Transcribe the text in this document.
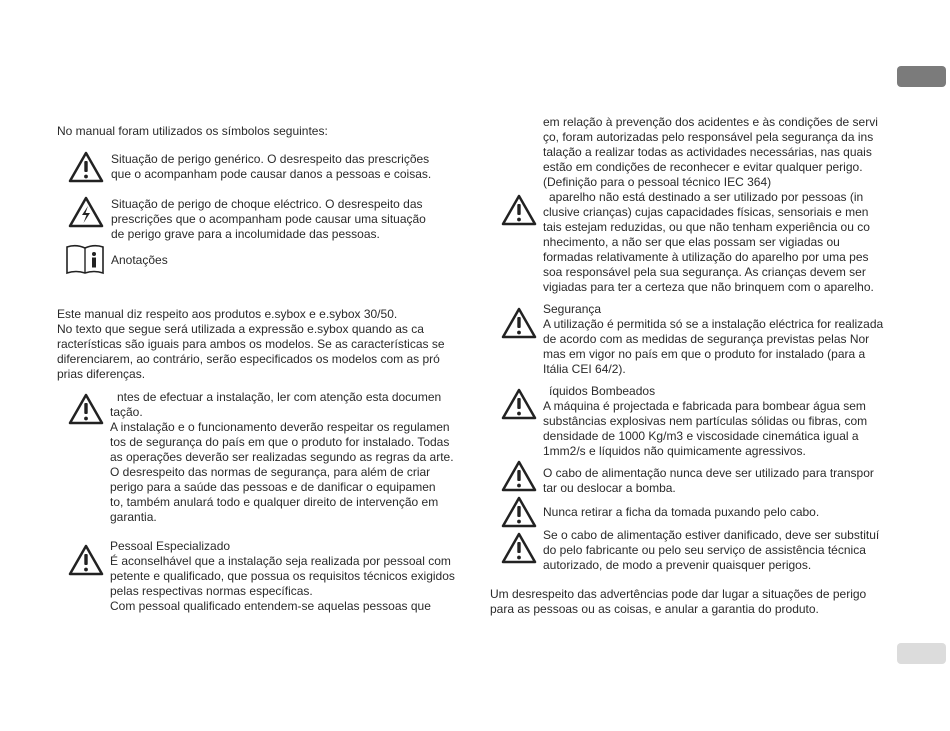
No manual foram utilizados os símbolos seguintes:

Situação de perigo genérico. O desrespeito das prescrições
que o acompanham pode causar danos a pessoas e coisas.
Situação de perigo de choque eléctrico. O desrespeito das
prescrições que o acompanham pode causar uma situação
de perigo grave para a incolumidade das pessoas.

Anotações

Este manual diz respeito aos produtos e.sybox e e.sybox 30/50.
No texto que segue será utilizada a expressão e.sybox quando as ca
racterísticas são iguais para ambos os modelos. Se as características se
diferenciarem, ao contrário, serão especificados os modelos com as pró
prias diferenças.
ntes de efectuar a instalação, ler com atenção esta documen
tação.
A instalação e o funcionamento deverão respeitar os regulamen
tos de segurança do país em que o produto for instalado. Todas
as operações deverão ser realizadas segundo as regras da arte.
O desrespeito das normas de segurança, para além de criar
perigo para a saúde das pessoas e de danificar o equipamen
to, também anulará todo e qualquer direito de intervenção em
garantia.
Pessoal Especializado
É aconselhável que a instalação seja realizada por pessoal com
petente e qualificado, que possua os requisitos técnicos exigidos
pelas respectivas normas específicas.
Com pessoal qualificado entendem-se aquelas pessoas que
em relação à prevenção dos acidentes e às condições de servi
ço, foram autorizadas pelo responsável pela segurança da ins
talação a realizar todas as actividades necessárias, nas quais
estão em condições de reconhecer e evitar qualquer perigo.
(Definição para o pessoal técnico IEC 364)
aparelho não está destinado a ser utilizado por pessoas (in
clusive crianças) cujas capacidades físicas, sensoriais e men
tais estejam reduzidas, ou que não tenham experiência ou co
nhecimento, a não ser que elas possam ser vigiadas ou
formadas relativamente à utilização do aparelho por uma pes
soa responsável pela sua segurança. As crianças devem ser
vigiadas para ter a certeza que não brinquem com o aparelho.
Segurança
A utilização é permitida só se a instalação eléctrica for realizada
de acordo com as medidas de segurança previstas pelas Nor
mas em vigor no país em que o produto for instalado (para a
Itália CEI 64/2).
íquidos Bombeados
A máquina é projectada e fabricada para bombear água sem
substâncias explosivas nem partículas sólidas ou fibras, com
densidade de 1000 Kg/m3 e viscosidade cinemática igual a
1mm2/s e líquidos não quimicamente agressivos.
O cabo de alimentação nunca deve ser utilizado para transpor
tar ou deslocar a bomba.

Nunca retirar a ficha da tomada puxando pelo cabo.

Se o cabo de alimentação estiver danificado, deve ser substituí
do pelo fabricante ou pelo seu serviço de assistência técnica
autorizado, de modo a prevenir quaisquer perigos.
Um desrespeito das advertências pode dar lugar a situações de perigo
para as pessoas ou as coisas, e anular a garantia do produto.
